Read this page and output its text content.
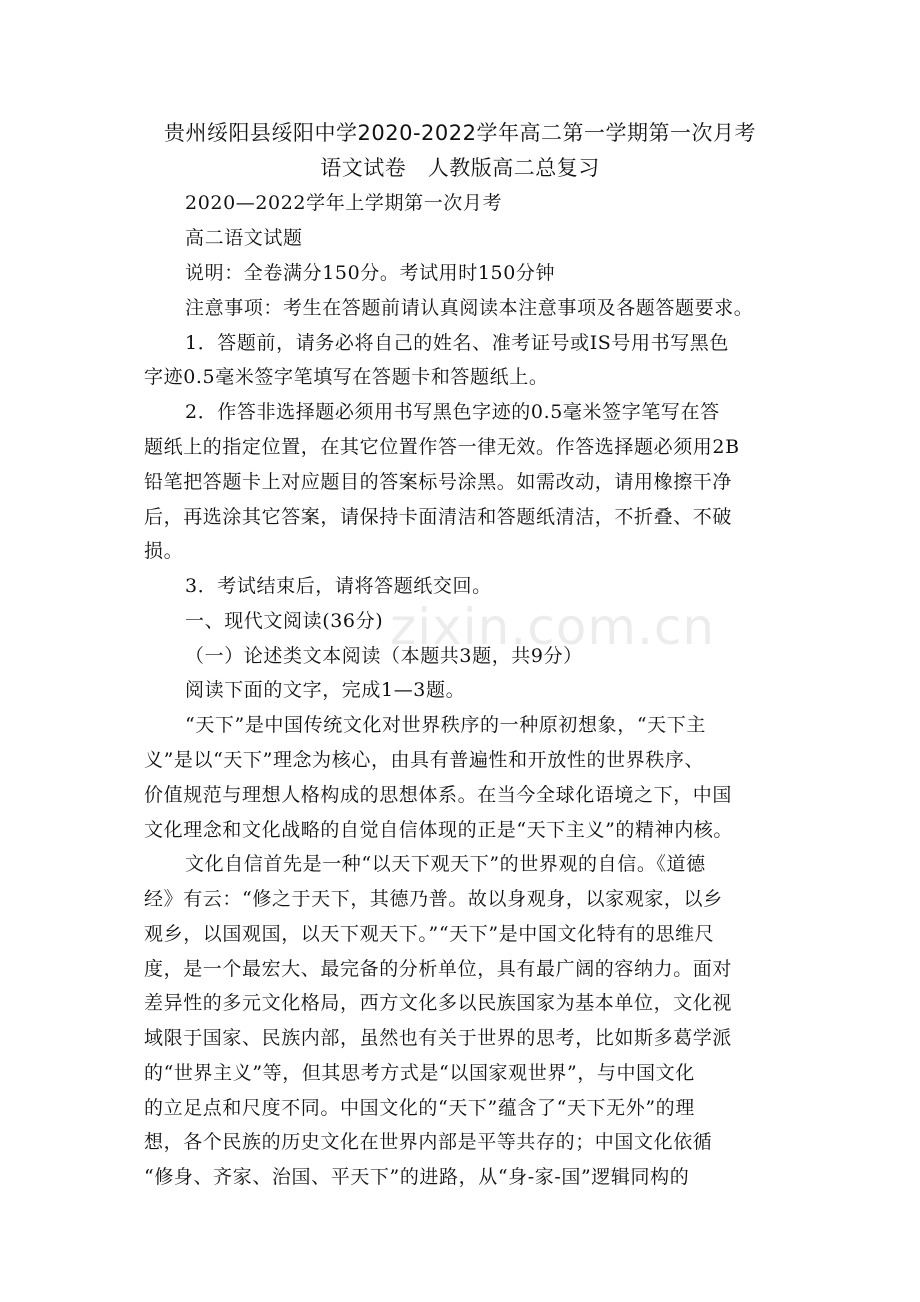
贵州绥阳县绥阳中学2020-2022学年高二第一学期第一次月考
语文试卷　人教版高二总复习
zixin.com.cn
2020—2022学年上学期第一次月考
高二语文试题
说明：全卷满分150分。考试用时150分钟
注意事项：考生在答题前请认真阅读本注意事项及各题答题要求。
1．答题前，请务必将自己的姓名、准考证号或IS号用书写黑色
字迹0.5毫米签字笔填写在答题卡和答题纸上。
2．作答非选择题必须用书写黑色字迹的0.5毫米签字笔写在答
题纸上的指定位置，在其它位置作答一律无效。作答选择题必须用2B
铅笔把答题卡上对应题目的答案标号涂黑。如需改动，请用橡擦干净
后，再选涂其它答案，请保持卡面清洁和答题纸清洁，不折叠、不破
损。
3．考试结束后，请将答题纸交回。
一、现代文阅读(36分)
（一）论述类文本阅读（本题共3题，共9分）
阅读下面的文字，完成1—3题。
“天下”是中国传统文化对世界秩序的一种原初想象，“天下主
义”是以“天下”理念为核心，由具有普遍性和开放性的世界秩序、
价值规范与理想人格构成的思想体系。在当今全球化语境之下，中国
文化理念和文化战略的自觉自信体现的正是“天下主义”的精神内核。
文化自信首先是一种“以天下观天下”的世界观的自信。《道德
经》有云：“修之于天下，其德乃普。故以身观身，以家观家，以乡
观乡，以国观国，以天下观天下。”“天下”是中国文化特有的思维尺
度，是一个最宏大、最完备的分析单位，具有最广阔的容纳力。面对
差异性的多元文化格局，西方文化多以民族国家为基本单位，文化视
域限于国家、民族内部，虽然也有关于世界的思考，比如斯多葛学派
的“世界主义”等，但其思考方式是“以国家观世界”，与中国文化
的立足点和尺度不同。中国文化的“天下”蕴含了“天下无外”的理
想，各个民族的历史文化在世界内部是平等共存的；中国文化依循
“修身、齐家、治国、平天下”的进路，从“身-家-国”逻辑同构的
